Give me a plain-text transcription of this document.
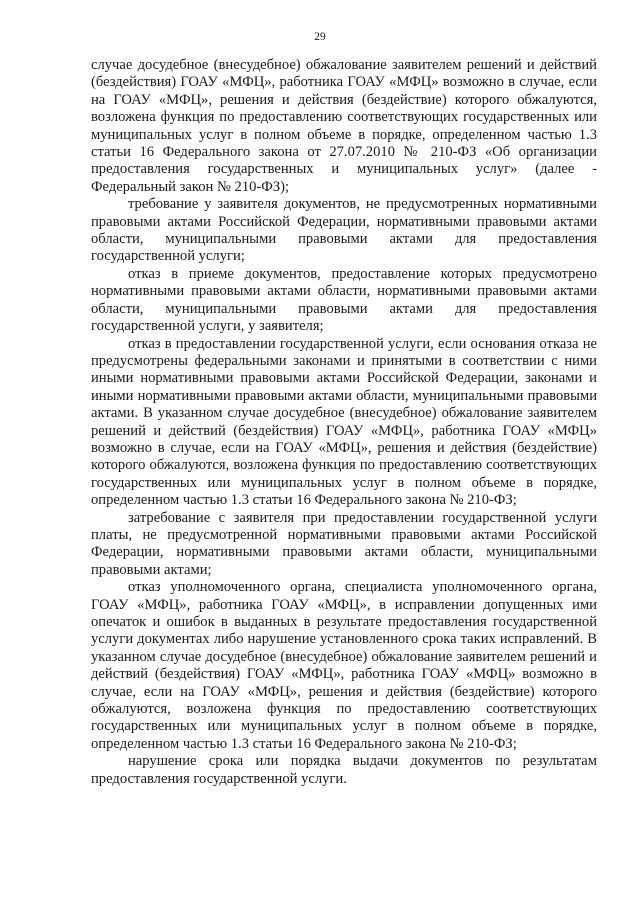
29

случае досудебное (внесудебное) обжалование заявителем решений и действий (бездействия) ГОАУ «МФЦ», работника ГОАУ «МФЦ» возможно в случае, если на ГОАУ «МФЦ», решения и действия (бездействие) которого обжалуются, возложена функция по предоставлению соответствующих государственных или муниципальных услуг в полном объеме в порядке, определенном частью 1.3 статьи 16 Федерального закона от 27.07.2010 № 210-ФЗ «Об организации предоставления государственных и муниципальных услуг» (далее - Федеральный закон № 210-ФЗ);

требование у заявителя документов, не предусмотренных нормативными правовыми актами Российской Федерации, нормативными правовыми актами области, муниципальными правовыми актами для предоставления государственной услуги;

отказ в приеме документов, предоставление которых предусмотрено нормативными правовыми актами области, нормативными правовыми актами области, муниципальными правовыми актами для предоставления государственной услуги, у заявителя;

отказ в предоставлении государственной услуги, если основания отказа не предусмотрены федеральными законами и принятыми в соответствии с ними иными нормативными правовыми актами Российской Федерации, законами и иными нормативными правовыми актами области, муниципальными правовыми актами. В указанном случае досудебное (внесудебное) обжалование заявителем решений и действий (бездействия) ГОАУ «МФЦ», работника ГОАУ «МФЦ» возможно в случае, если на ГОАУ «МФЦ», решения и действия (бездействие) которого обжалуются, возложена функция по предоставлению соответствующих государственных или муниципальных услуг в полном объеме в порядке, определенном частью 1.3 статьи 16 Федерального закона № 210-ФЗ;

затребование с заявителя при предоставлении государственной услуги платы, не предусмотренной нормативными правовыми актами Российской Федерации, нормативными правовыми актами области, муниципальными правовыми актами;

отказ уполномоченного органа, специалиста уполномоченного органа, ГОАУ «МФЦ», работника ГОАУ «МФЦ», в исправлении допущенных ими опечаток и ошибок в выданных в результате предоставления государственной услуги документах либо нарушение установленного срока таких исправлений. В указанном случае досудебное (внесудебное) обжалование заявителем решений и действий (бездействия) ГОАУ «МФЦ», работника ГОАУ «МФЦ» возможно в случае, если на ГОАУ «МФЦ», решения и действия (бездействие) которого обжалуются, возложена функция по предоставлению соответствующих государственных или муниципальных услуг в полном объеме в порядке, определенном частью 1.3 статьи 16 Федерального закона № 210-ФЗ;

нарушение срока или порядка выдачи документов по результатам предоставления государственной услуги.
